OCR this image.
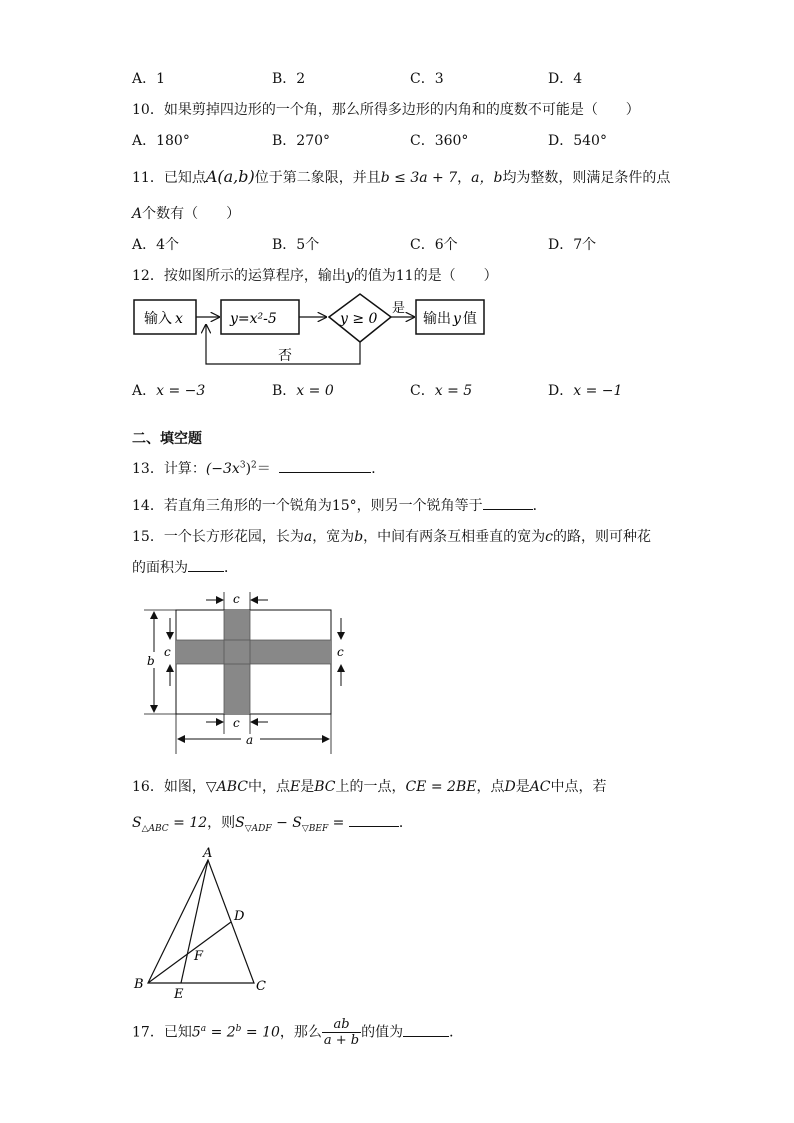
A．1	B．2	C．3	D．4
10．如果剪掉四边形的一个角，那么所得多边形的内角和的度数不可能是（　　）
A．180°	B．270°	C．360°	D．540°
11．已知点A(a,b)位于第二象限，并且b ≤ 3a + 7，a，b均为整数，则满足条件的点
A个数有（　　）
A．4个	B．5个	C．6个	D．7个
12．按如图所示的运算程序，输出y的值为11的是（　　）
输入 x	y=x²-5	y ≥ 0
是
输出 y 值
否
A．x = −3	B．x = 0	C．x = 5	D．x = −1
二、填空题
13．计算：$(-3x^3)^2=$	．
14．若直角三角形的一个锐角为15°，则另一个锐角等于	．
15．一个长方形花园，长为a，宽为b，中间有两条互相垂直的宽为c的路，则可种花
的面积为	．
c
b
c	c
c
a
16．如图，▽ABC中，点E是BC上的一点，CE = 2BE，点D是AC中点，若
$S_{\triangle ABC} = 12$，则$S_{▽ADF} - S_{▽BEF}$ =	．
A
B	C
D
E
F
17．已知$5^a = 2^b = 10$，那么 $\frac{ab}{a + b}$ 的值为	．
